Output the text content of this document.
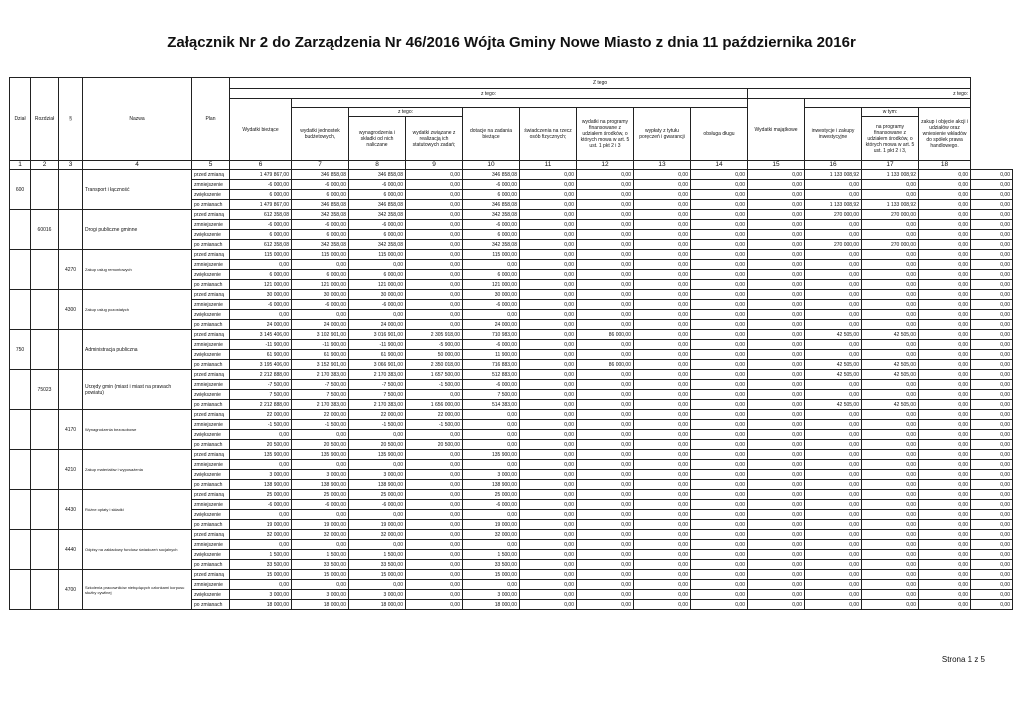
Załącznik Nr 2 do Zarządzenia Nr 46/2016 Wójta Gminy Nowe Miasto z dnia 11 października 2016r
Dział	Rozdział	§	Nazwa	Plan	Z tego													
					z tego:									z tego:				
					Wydatki bieżące									Wydatki majątkowe				
						wydatki jednostek budżetowych,	z tego:		dotacje na zadania bieżące	świadczenia na rzecz osób fizycznych;	wydatki na programy finansowane z udziałem środków, o których mowa w art. 5 ust. 1 pkt 2 i 3	wypłaty z tytułu poręczeń i gwarancji	obsługa długu		inwestycje i zakupy inwestycyjne	w tym:	zakup i objęcie akcji i udziałów oraz wniesienie wkładów do spółek prawa handlowego.	
							wynagrodzenia i składki od nich naliczane	wydatki związane z realizacją ich statutowych zadań;								na programy finansowane z udziałem środków, o których mowa w art. 5 ust. 1 pkt 2 i 3,		
1	2	3	4	5	6	7	8	9	10	11	12	13	14	15	16	17	18	
600			Transport i łączność	przed zmianą	1 479 867,00	346 858,08	346 858,08	0,00	346 858,08	0,00	0,00	0,00	0,00	0,00	1 133 008,92	1 133 008,92	0,00	0,00
				zmniejszenie	-6 000,00	-6 000,00	-6 000,00	0,00	-6 000,00	0,00	0,00	0,00	0,00	0,00	0,00	0,00	0,00	0,00
				zwiększenie	6 000,00	6 000,00	6 000,00	0,00	6 000,00	0,00	0,00	0,00	0,00	0,00	0,00	0,00	0,00	0,00
				po zmianach	1 479 867,00	346 858,08	346 858,08	0,00	346 858,08	0,00	0,00	0,00	0,00	0,00	1 133 008,92	1 133 008,92	0,00	0,00
	60016		Drogi publiczne gminne	przed zmianą	612 358,08	342 358,08	342 358,08	0,00	342 358,08	0,00	0,00	0,00	0,00	0,00	270 000,00	270 000,00	0,00	0,00
				zmniejszenie	-6 000,00	-6 000,00	-6 000,00	0,00	-6 000,00	0,00	0,00	0,00	0,00	0,00	0,00	0,00	0,00	0,00
				zwiększenie	6 000,00	6 000,00	6 000,00	0,00	6 000,00	0,00	0,00	0,00	0,00	0,00	0,00	0,00	0,00	0,00
				po zmianach	612 358,08	342 358,08	342 358,08	0,00	342 358,08	0,00	0,00	0,00	0,00	0,00	270 000,00	270 000,00	0,00	0,00
		4270	Zakup usług remontowych	przed zmianą	115 000,00	115 000,00	115 000,00	0,00	115 000,00	0,00	0,00	0,00	0,00	0,00	0,00	0,00	0,00	0,00
				zmniejszenie	0,00	0,00	0,00	0,00	0,00	0,00	0,00	0,00	0,00	0,00	0,00	0,00	0,00	0,00
				zwiększenie	6 000,00	6 000,00	6 000,00	0,00	6 000,00	0,00	0,00	0,00	0,00	0,00	0,00	0,00	0,00	0,00
				po zmianach	121 000,00	121 000,00	121 000,00	0,00	121 000,00	0,00	0,00	0,00	0,00	0,00	0,00	0,00	0,00	0,00
		4300	Zakup usług pozostałych	przed zmianą	30 000,00	30 000,00	30 000,00	0,00	30 000,00	0,00	0,00	0,00	0,00	0,00	0,00	0,00	0,00	0,00
				zmniejszenie	-6 000,00	-6 000,00	-6 000,00	0,00	-6 000,00	0,00	0,00	0,00	0,00	0,00	0,00	0,00	0,00	0,00
				zwiększenie	0,00	0,00	0,00	0,00	0,00	0,00	0,00	0,00	0,00	0,00	0,00	0,00	0,00	0,00
				po zmianach	24 000,00	24 000,00	24 000,00	0,00	24 000,00	0,00	0,00	0,00	0,00	0,00	0,00	0,00	0,00	0,00
750			Administracja publiczna	przed zmianą	3 145 406,00	3 102 901,00	3 016 901,00	2 305 918,00	710 983,00	0,00	86 000,00	0,00	0,00	0,00	42 505,00	42 505,00	0,00	0,00
				zmniejszenie	-11 900,00	-11 900,00	-11 900,00	-5 900,00	-6 000,00	0,00	0,00	0,00	0,00	0,00	0,00	0,00	0,00	0,00
				zwiększenie	61 900,00	61 900,00	61 900,00	50 000,00	11 900,00	0,00	0,00	0,00	0,00	0,00	0,00	0,00	0,00	0,00
				po zmianach	3 195 406,00	3 152 901,00	3 066 901,00	2 350 018,00	716 883,00	0,00	86 000,00	0,00	0,00	0,00	42 505,00	42 505,00	0,00	0,00
	75023		Urzędy gmin (miast i miast na prawach powiatu)	przed zmianą	2 212 888,00	2 170 383,00	2 170 383,00	1 657 500,00	512 883,00	0,00	0,00	0,00	0,00	0,00	42 505,00	42 505,00	0,00	0,00
				zmniejszenie	-7 500,00	-7 500,00	-7 500,00	-1 500,00	-6 000,00	0,00	0,00	0,00	0,00	0,00	0,00	0,00	0,00	0,00
				zwiększenie	7 500,00	7 500,00	7 500,00	0,00	7 500,00	0,00	0,00	0,00	0,00	0,00	0,00	0,00	0,00	0,00
				po zmianach	2 212 888,00	2 170 383,00	2 170 383,00	1 656 000,00	514 383,00	0,00	0,00	0,00	0,00	0,00	42 505,00	42 505,00	0,00	0,00
		4170	Wynagrodzenia bezosobowe	przed zmianą	22 000,00	22 000,00	22 000,00	22 000,00	0,00	0,00	0,00	0,00	0,00	0,00	0,00	0,00	0,00	0,00
				zmniejszenie	-1 500,00	-1 500,00	-1 500,00	-1 500,00	0,00	0,00	0,00	0,00	0,00	0,00	0,00	0,00	0,00	0,00
				zwiększenie	0,00	0,00	0,00	0,00	0,00	0,00	0,00	0,00	0,00	0,00	0,00	0,00	0,00	0,00
				po zmianach	20 500,00	20 500,00	20 500,00	20 500,00	0,00	0,00	0,00	0,00	0,00	0,00	0,00	0,00	0,00	0,00
		4210	Zakup materiałów i wyposażenia	przed zmianą	135 900,00	135 900,00	135 900,00	0,00	135 900,00	0,00	0,00	0,00	0,00	0,00	0,00	0,00	0,00	0,00
				zmniejszenie	0,00	0,00	0,00	0,00	0,00	0,00	0,00	0,00	0,00	0,00	0,00	0,00	0,00	0,00
				zwiększenie	3 000,00	3 000,00	3 000,00	0,00	3 000,00	0,00	0,00	0,00	0,00	0,00	0,00	0,00	0,00	0,00
				po zmianach	138 900,00	138 900,00	138 900,00	0,00	138 900,00	0,00	0,00	0,00	0,00	0,00	0,00	0,00	0,00	0,00
		4430	Różne opłaty i składki	przed zmianą	25 000,00	25 000,00	25 000,00	0,00	25 000,00	0,00	0,00	0,00	0,00	0,00	0,00	0,00	0,00	0,00
				zmniejszenie	-6 000,00	-6 000,00	-6 000,00	0,00	-6 000,00	0,00	0,00	0,00	0,00	0,00	0,00	0,00	0,00	0,00
				zwiększenie	0,00	0,00	0,00	0,00	0,00	0,00	0,00	0,00	0,00	0,00	0,00	0,00	0,00	0,00
				po zmianach	19 000,00	19 000,00	19 000,00	0,00	19 000,00	0,00	0,00	0,00	0,00	0,00	0,00	0,00	0,00	0,00
		4440	Odpisy na zakładowy fundusz świadczeń socjalnych	przed zmianą	32 000,00	32 000,00	32 000,00	0,00	32 000,00	0,00	0,00	0,00	0,00	0,00	0,00	0,00	0,00	0,00
				zmniejszenie	0,00	0,00	0,00	0,00	0,00	0,00	0,00	0,00	0,00	0,00	0,00	0,00	0,00	0,00
				zwiększenie	1 500,00	1 500,00	1 500,00	0,00	1 500,00	0,00	0,00	0,00	0,00	0,00	0,00	0,00	0,00	0,00
				po zmianach	33 500,00	33 500,00	33 500,00	0,00	33 500,00	0,00	0,00	0,00	0,00	0,00	0,00	0,00	0,00	0,00
		4700	Szkolenia pracowników niebędących członkami korpusu służby cywilnej	przed zmianą	15 000,00	15 000,00	15 000,00	0,00	15 000,00	0,00	0,00	0,00	0,00	0,00	0,00	0,00	0,00	0,00
				zmniejszenie	0,00	0,00	0,00	0,00	0,00	0,00	0,00	0,00	0,00	0,00	0,00	0,00	0,00	0,00
				zwiększenie	3 000,00	3 000,00	3 000,00	0,00	3 000,00	0,00	0,00	0,00	0,00	0,00	0,00	0,00	0,00	0,00
				po zmianach	18 000,00	18 000,00	18 000,00	0,00	18 000,00	0,00	0,00	0,00	0,00	0,00	0,00	0,00	0,00	0,00
Strona 1 z 5
